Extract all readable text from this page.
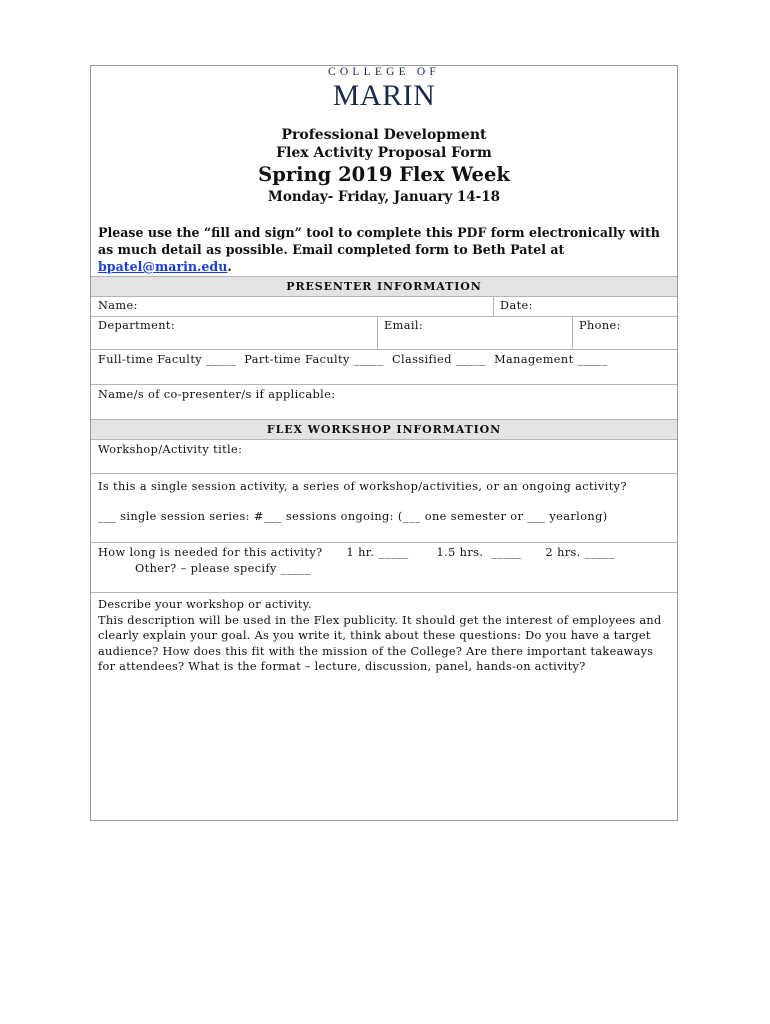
COLLEGE OF
MARIN
Professional Development
Flex Activity Proposal Form
Spring 2019 Flex Week
Monday- Friday, January 14-18
Please use the “fill and sign” tool to complete this PDF form electronically with as much detail as possible. Email completed form to Beth Patel at bpatel@marin.edu.

PRESENTER INFORMATION
Name:	Date:
Department:	Email:	Phone:
Full-time Faculty _____  Part-time Faculty _____  Classified _____  Management _____
Name/s of co-presenter/s if applicable:
FLEX WORKSHOP INFORMATION
Workshop/Activity title:
Is this a single session activity, a series of workshop/activities, or an ongoing activity?
___ single session series: #___ sessions ongoing: (___ one semester or ___ yearlong)
How long is needed for this activity?      1 hr. _____       1.5 hrs.  _____      2 hrs. _____
Other? – please specify _____
Describe your workshop or activity.
This description will be used in the Flex publicity. It should get the interest of employees and clearly explain your goal. As you write it, think about these questions: Do you have a target audience? How does this fit with the mission of the College? Are there important takeaways for attendees? What is the format – lecture, discussion, panel, hands-on activity?
